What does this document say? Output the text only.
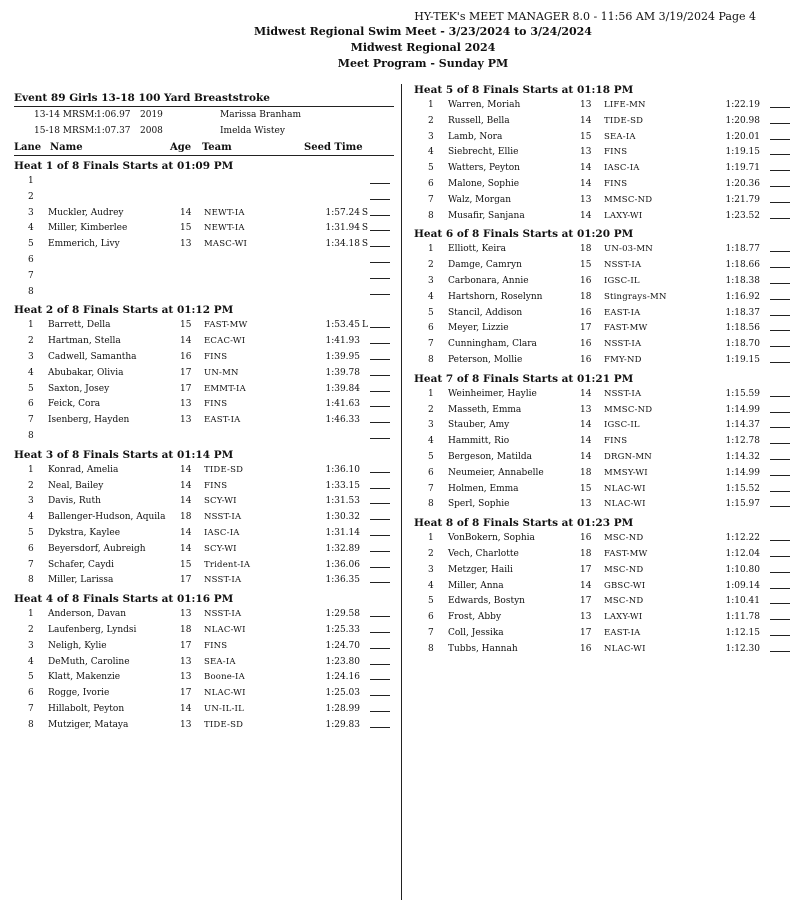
HY-TEK's MEET MANAGER 8.0 - 11:56 AM 3/19/2024 Page 4
Midwest Regional Swim Meet - 3/23/2024 to 3/24/2024
Midwest Regional 2024
Meet Program - Sunday PM
Event 89 Girls 13-18 100 Yard Breaststroke
13-14 MRSM:
1:06.97 2019	Marissa Branham
15-18 MRSM:
1:07.37 2008	Imelda Wistey
Lane Name	Age Team	Seed Time
Heat 1 of 8 Finals Starts at 01:09 PM
1
2
3 Muckler, Audrey	14 NEWT-IA	1:57.24 S
4 Miller, Kimberlee	15 NEWT-IA	1:31.94 S
5 Emmerich, Livy	13 MASC-WI	1:34.18 S
6
7
8
Heat 2 of 8 Finals Starts at 01:12 PM
1 Barrett, Della	15 FAST-MW	1:53.45 L
2 Hartman, Stella	14 ECAC-WI	1:41.93
3 Cadwell, Samantha	16 FINS	1:39.95
4 Abubakar, Olivia	17 UN-MN	1:39.78
5 Saxton, Josey	17 EMMT-IA	1:39.84
6 Feick, Cora	13 FINS	1:41.63
7 Isenberg, Hayden	13 EAST-IA	1:46.33
8
Heat 3 of 8 Finals Starts at 01:14 PM
1 Konrad, Amelia	14 TIDE-SD	1:36.10
2 Neal, Bailey	14 FINS	1:33.15
3 Davis, Ruth	14 SCY-WI	1:31.53
4 Ballenger-Hudson, Aquila 18 NSST-IA	1:30.32
5 Dykstra, Kaylee	14 IASC-IA	1:31.14
6 Beyersdorf, Aubreigh	14 SCY-WI	1:32.89
7 Schafer, Caydi	15 Trident-IA	1:36.06
8 Miller, Larissa	17 NSST-IA	1:36.35
Heat 4 of 8 Finals Starts at 01:16 PM
1 Anderson, Davan	13 NSST-IA	1:29.58
2 Laufenberg, Lyndsi	18 NLAC-WI	1:25.33
3 Neligh, Kylie	17 FINS	1:24.70
4 DeMuth, Caroline	13 SEA-IA	1:23.80
5 Klatt, Makenzie	13 Boone-IA	1:24.16
6 Rogge, Ivorie	17 NLAC-WI	1:25.03
7 Hillabolt, Peyton	14 UN-IL-IL	1:28.99
8 Mutziger, Mataya	13 TIDE-SD	1:29.83
Heat 5 of 8 Finals Starts at 01:18 PM
1 Warren, Moriah	13 LIFE-MN	1:22.19
2 Russell, Bella	14 TIDE-SD	1:20.98
3 Lamb, Nora	15 SEA-IA	1:20.01
4 Siebrecht, Ellie	13 FINS	1:19.15
5 Watters, Peyton	14 IASC-IA	1:19.71
6 Malone, Sophie	14 FINS	1:20.36
7 Walz, Morgan	13 MMSC-ND	1:21.79
8 Musafir, Sanjana	14 LAXY-WI	1:23.52
Heat 6 of 8 Finals Starts at 01:20 PM
1 Elliott, Keira	18 UN-03-MN	1:18.77
2 Damge, Camryn	15 NSST-IA	1:18.66
3 Carbonara, Annie	16 IGSC-IL	1:18.38
4 Hartshorn, Roselynn	18 Stingrays-MN	1:16.92
5 Stancil, Addison	16 EAST-IA	1:18.37
6 Meyer, Lizzie	17 FAST-MW	1:18.56
7 Cunningham, Clara	16 NSST-IA	1:18.70
8 Peterson, Mollie	16 FMY-ND	1:19.15
Heat 7 of 8 Finals Starts at 01:21 PM
1 Weinheimer, Haylie	14 NSST-IA	1:15.59
2 Masseth, Emma	13 MMSC-ND	1:14.99
3 Stauber, Amy	14 IGSC-IL	1:14.37
4 Hammitt, Rio	14 FINS	1:12.78
5 Bergeson, Matilda	14 DRGN-MN	1:14.32
6 Neumeier, Annabelle	18 MMSY-WI	1:14.99
7 Holmen, Emma	15 NLAC-WI	1:15.52
8 Sperl, Sophie	13 NLAC-WI	1:15.97
Heat 8 of 8 Finals Starts at 01:23 PM
1 VonBokern, Sophia	16 MSC-ND	1:12.22
2 Vech, Charlotte	18 FAST-MW	1:12.04
3 Metzger, Haili	17 MSC-ND	1:10.80
4 Miller, Anna	14 GBSC-WI	1:09.14
5 Edwards, Bostyn	17 MSC-ND	1:10.41
6 Frost, Abby	13 LAXY-WI	1:11.78
7 Coll, Jessika	17 EAST-IA	1:12.15
8 Tubbs, Hannah	16 NLAC-WI	1:12.30
